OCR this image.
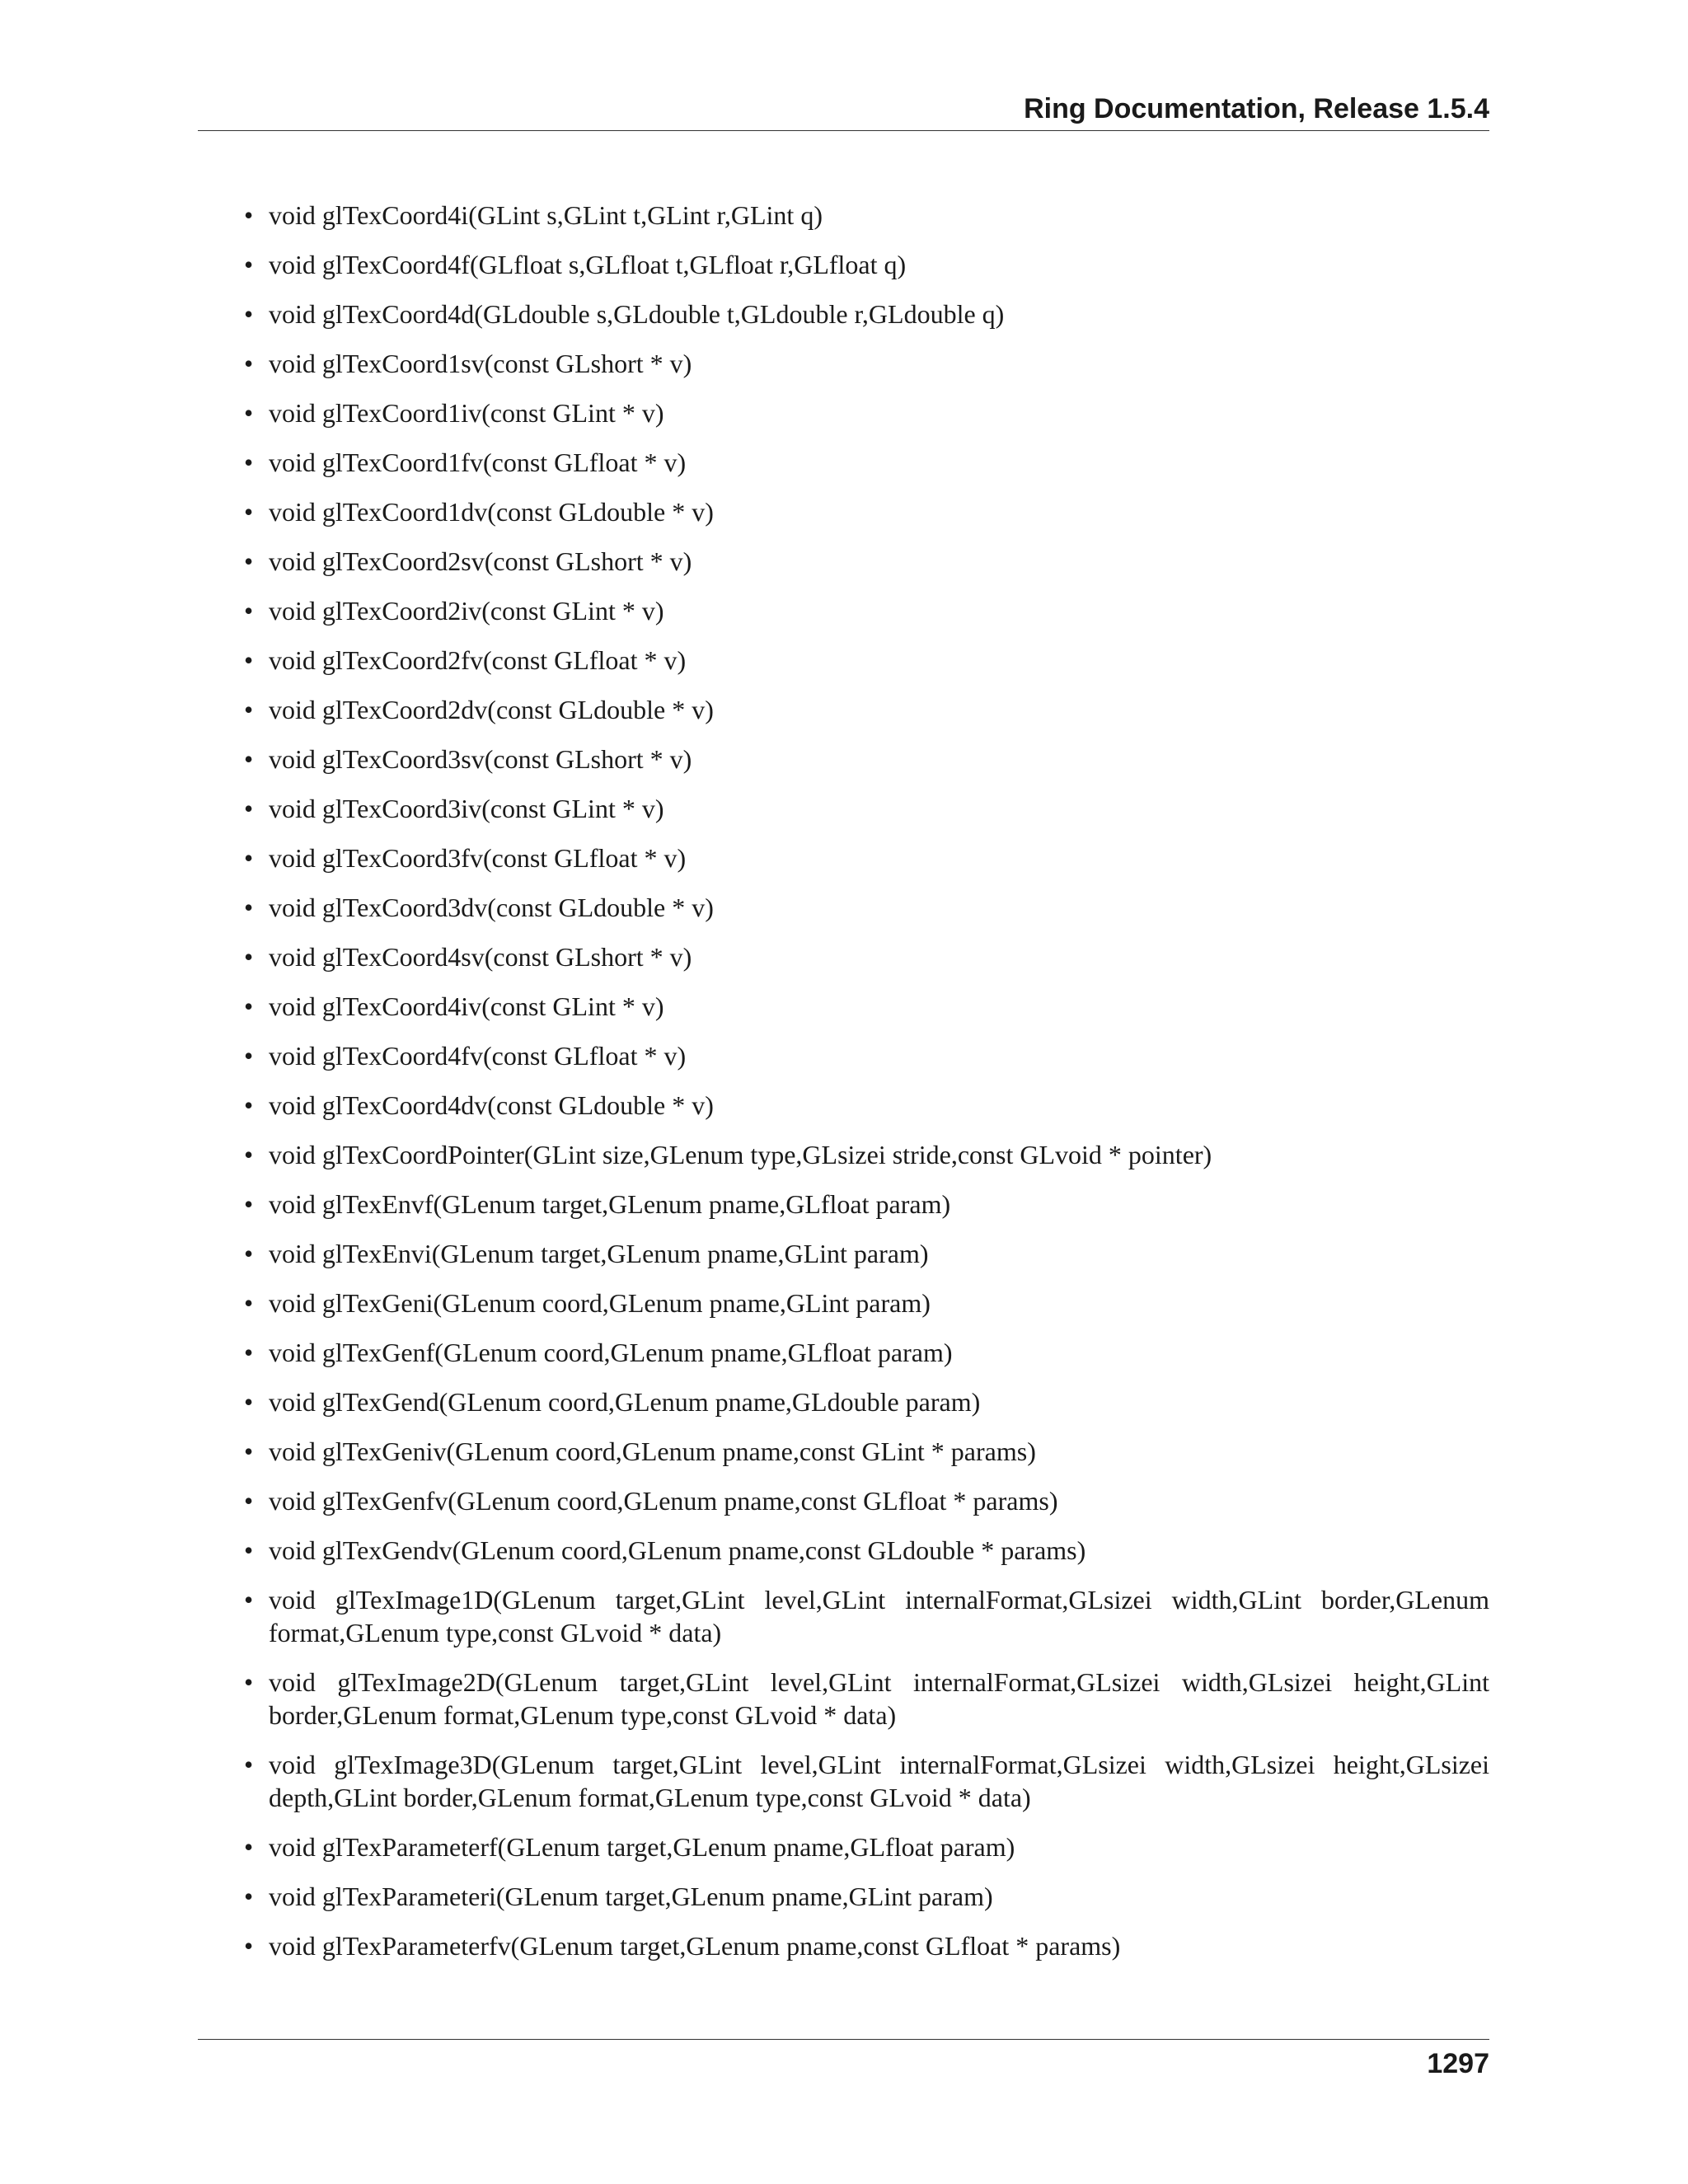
Ring Documentation, Release 1.5.4
• void glTexCoord4i(GLint s,GLint t,GLint r,GLint q)
• void glTexCoord4f(GLfloat s,GLfloat t,GLfloat r,GLfloat q)
• void glTexCoord4d(GLdouble s,GLdouble t,GLdouble r,GLdouble q)
• void glTexCoord1sv(const GLshort * v)
• void glTexCoord1iv(const GLint * v)
• void glTexCoord1fv(const GLfloat * v)
• void glTexCoord1dv(const GLdouble * v)
• void glTexCoord2sv(const GLshort * v)
• void glTexCoord2iv(const GLint * v)
• void glTexCoord2fv(const GLfloat * v)
• void glTexCoord2dv(const GLdouble * v)
• void glTexCoord3sv(const GLshort * v)
• void glTexCoord3iv(const GLint * v)
• void glTexCoord3fv(const GLfloat * v)
• void glTexCoord3dv(const GLdouble * v)
• void glTexCoord4sv(const GLshort * v)
• void glTexCoord4iv(const GLint * v)
• void glTexCoord4fv(const GLfloat * v)
• void glTexCoord4dv(const GLdouble * v)
• void glTexCoordPointer(GLint size,GLenum type,GLsizei stride,const GLvoid * pointer)
• void glTexEnvf(GLenum target,GLenum pname,GLfloat param)
• void glTexEnvi(GLenum target,GLenum pname,GLint param)
• void glTexGeni(GLenum coord,GLenum pname,GLint param)
• void glTexGenf(GLenum coord,GLenum pname,GLfloat param)
• void glTexGend(GLenum coord,GLenum pname,GLdouble param)
• void glTexGeniv(GLenum coord,GLenum pname,const GLint * params)
• void glTexGenfv(GLenum coord,GLenum pname,const GLfloat * params)
• void glTexGendv(GLenum coord,GLenum pname,const GLdouble * params)
• void glTexImage1D(GLenum target,GLint level,GLint internalFormat,GLsizei width,GLint border,GLenum format,GLenum type,const GLvoid * data)
• void glTexImage2D(GLenum target,GLint level,GLint internalFormat,GLsizei width,GLsizei height,GLint border,GLenum format,GLenum type,const GLvoid * data)
• void glTexImage3D(GLenum target,GLint level,GLint internalFormat,GLsizei width,GLsizei height,GLsizei depth,GLint border,GLenum format,GLenum type,const GLvoid * data)
• void glTexParameterf(GLenum target,GLenum pname,GLfloat param)
• void glTexParameteri(GLenum target,GLenum pname,GLint param)
• void glTexParameterfv(GLenum target,GLenum pname,const GLfloat * params)
1297
